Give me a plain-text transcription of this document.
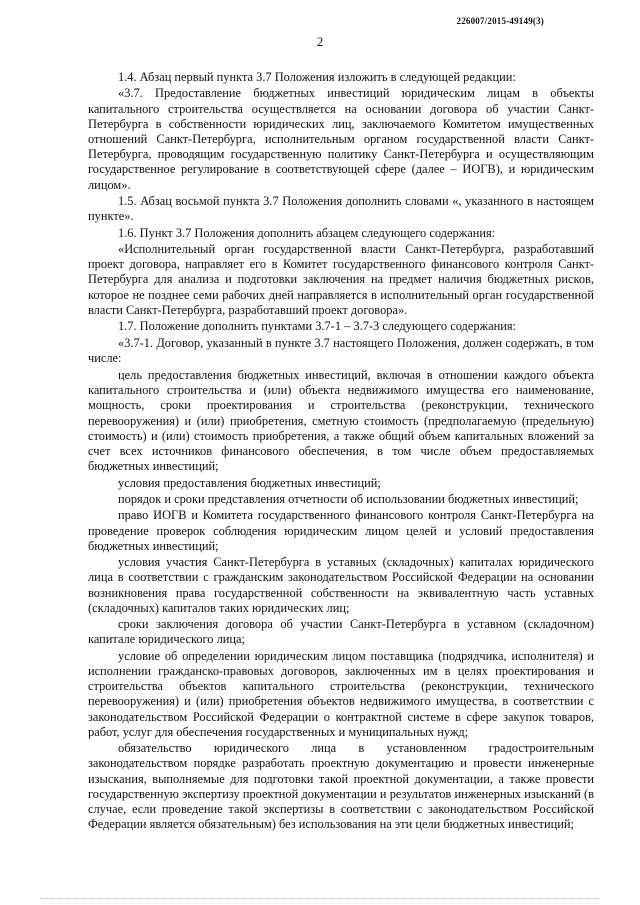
226007/2015-49149(3)
2

1.4. Абзац первый пункта 3.7 Положения изложить в следующей редакции:

«3.7. Предоставление бюджетных инвестиций юридическим лицам в объекты капитального строительства осуществляется на основании договора об участии Санкт-Петербурга в собственности юридических лиц, заключаемого Комитетом имущественных отношений Санкт-Петербурга, исполнительным органом государственной власти Санкт-Петербурга, проводящим государственную политику Санкт-Петербурга и осуществляющим государственное регулирование в соответствующей сфере (далее – ИОГВ), и юридическим лицом».

1.5. Абзац восьмой пункта 3.7 Положения дополнить словами «, указанного в настоящем пункте».

1.6. Пункт 3.7 Положения дополнить абзацем следующего содержания:

«Исполнительный орган государственной власти Санкт-Петербурга, разработавший проект договора, направляет его в Комитет государственного финансового контроля Санкт-Петербурга для анализа и подготовки заключения на предмет наличия бюджетных рисков, которое не позднее семи рабочих дней направляется в исполнительный орган государственной власти Санкт-Петербурга, разработавший проект договора».

1.7. Положение дополнить пунктами 3.7-1 – 3.7-3 следующего содержания:

«3.7-1. Договор, указанный в пункте 3.7 настоящего Положения, должен содержать, в том числе:

цель предоставления бюджетных инвестиций, включая в отношении каждого объекта капитального строительства и (или) объекта недвижимого имущества его наименование, мощность, сроки проектирования и строительства (реконструкции, технического перевооружения) и (или) приобретения, сметную стоимость (предполагаемую (предельную) стоимость) и (или) стоимость приобретения, а также общий объем капитальных вложений за счет всех источников финансового обеспечения, в том числе объем предоставляемых бюджетных инвестиций;

условия предоставления бюджетных инвестиций;

порядок и сроки представления отчетности об использовании бюджетных инвестиций;

право ИОГВ и Комитета государственного финансового контроля Санкт-Петербурга на проведение проверок соблюдения юридическим лицом целей и условий предоставления бюджетных инвестиций;

условия участия Санкт-Петербурга в уставных (складочных) капиталах юридического лица в соответствии с гражданским законодательством Российской Федерации на основании возникновения права государственной собственности на эквивалентную часть уставных (складочных) капиталов таких юридических лиц;

сроки заключения договора об участии Санкт-Петербурга в уставном (складочном) капитале юридического лица;

условие об определении юридическим лицом поставщика (подрядчика, исполнителя) и исполнении гражданско-правовых договоров, заключенных им в целях проектирования и строительства объектов капитального строительства (реконструкции, технического перевооружения) и (или) приобретения объектов недвижимого имущества, в соответствии с законодательством Российской Федерации о контрактной системе в сфере закупок товаров, работ, услуг для обеспечения государственных и муниципальных нужд;

обязательство юридического лица в установленном градостроительным законодательством порядке разработать проектную документацию и провести инженерные изыскания, выполняемые для подготовки такой проектной документации, а также провести государственную экспертизу проектной документации и результатов инженерных изысканий (в случае, если проведение такой экспертизы в соответствии с законодательством Российской Федерации является обязательным) без использования на эти цели бюджетных инвестиций;
